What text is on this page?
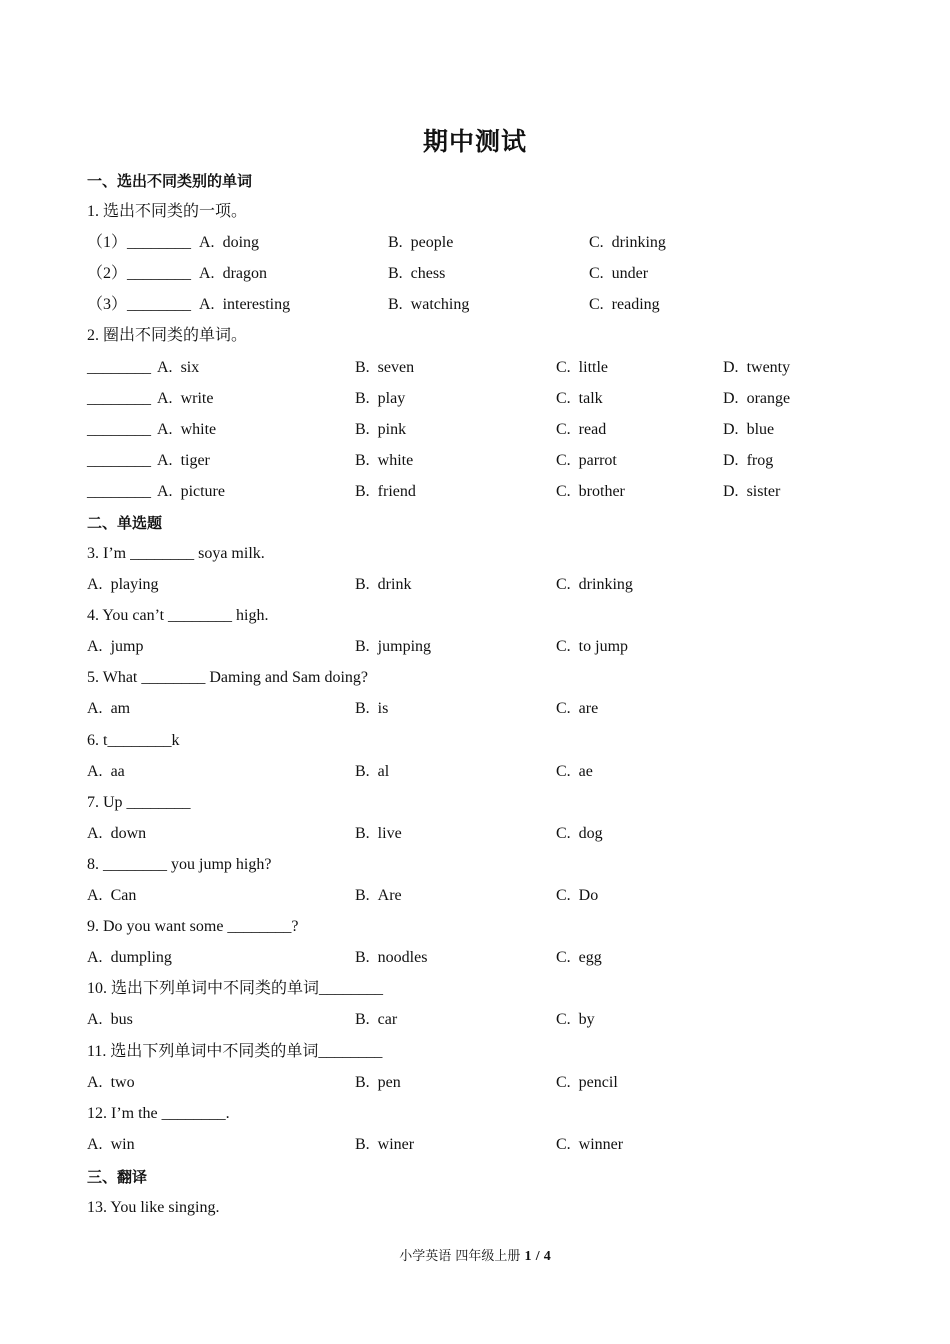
期中测试
一、选出不同类别的单词
1. 选出不同类的一项。
（1）________ A. doing	B. people	C. drinking
（2）________ A. dragon	B. chess	C. under
（3）________ A. interesting	B. watching	C. reading
2. 圈出不同类的单词。
________ A. six	B. seven	C. little	D. twenty
________ A. write	B. play	C. talk	D. orange
________ A. white	B. pink	C. read	D. blue
________ A. tiger	B. white	C. parrot	D. frog
________ A. picture	B. friend	C. brother	D. sister
二、单选题
3. I’m ________ soya milk.
A. playing	B. drink	C. drinking
4. You can’t ________ high.
A. jump	B. jumping	C. to jump
5. What ________ Daming and Sam doing?
A. am	B. is	C. are
6. t________k
A. aa	B. al	C. ae
7. Up ________
A. down	B. live	C. dog
8. ________ you jump high?
A. Can	B. Are	C. Do
9. Do you want some ________?
A. dumpling	B. noodles	C. egg
10. 选出下列单词中不同类的单词________
A. bus	B. car	C. by
11. 选出下列单词中不同类的单词________
A. two	B. pen	C. pencil
12. I’m the ________.
A. win	B. winer	C. winner
三、翻译
13. You like singing.
小学英语 四年级上册 1 / 4
